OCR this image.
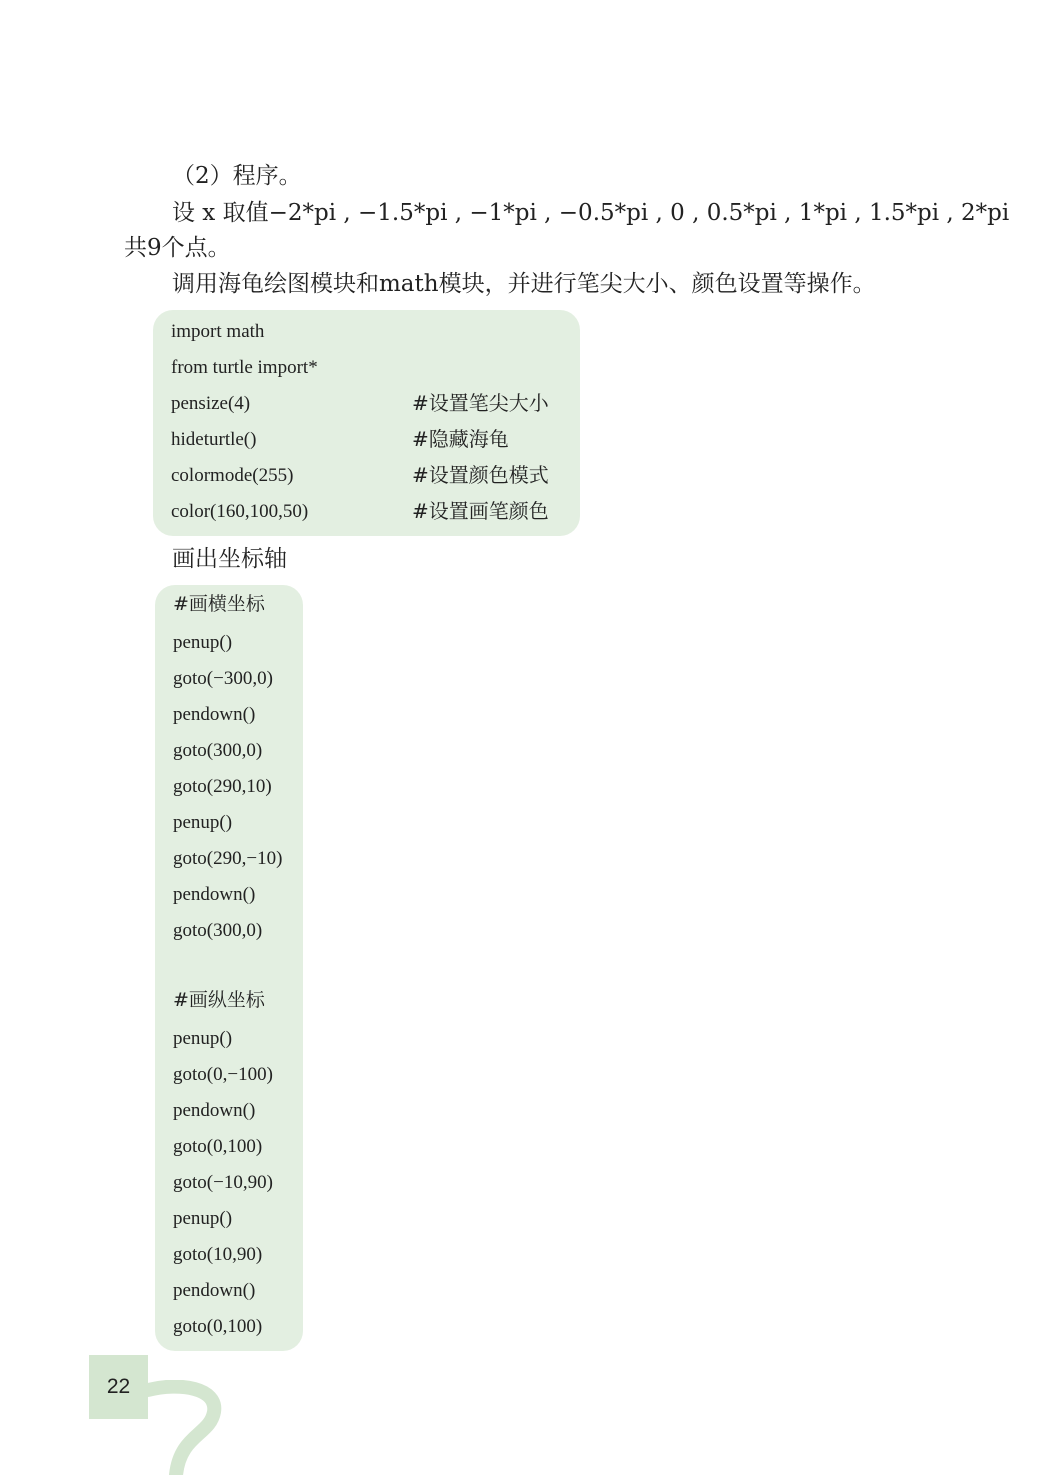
（2）程序。
设 x 取值−2*pi , −1.5*pi , −1*pi , −0.5*pi , 0 , 0.5*pi , 1*pi , 1.5*pi , 2*pi
共9个点。
调用海龟绘图模块和math模块，并进行笔尖大小、颜色设置等操作。
import math
from turtle import*
pensize(4)	#设置笔尖大小
hideturtle()	#隐藏海龟
colormode(255)	#设置颜色模式
color(160,100,50)	#设置画笔颜色
画出坐标轴
#画横坐标
penup()
goto(−300,0)
pendown()
goto(300,0)
goto(290,10)
penup()
goto(290,−10)
pendown()
goto(300,0)
#画纵坐标
penup()
goto(0,−100)
pendown()
goto(0,100)
goto(−10,90)
penup()
goto(10,90)
pendown()
goto(0,100)
22
